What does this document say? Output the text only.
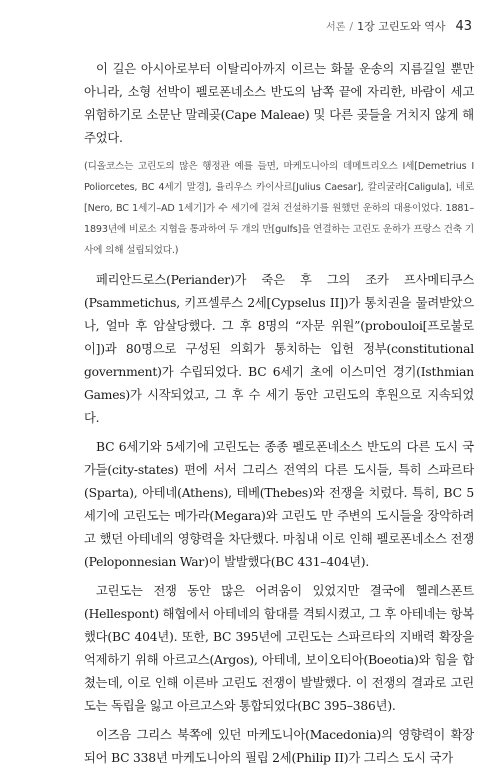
서론 / 1장 고린도와 역사 43

이 길은 아시아로부터 이탈리아까지 이르는 화물 운송의 지름길일 뿐만 아니라, 소형 선박이 펠로폰네소스 반도의 남쪽 끝에 자리한, 바람이 세고 위험하기로 소문난 말레곶(Cape Maleae) 및 다른 곶들을 거치지 않게 해 주었다.

(디올코스는 고린도의 많은 행정관 예를 들면, 마케도니아의 데메트리오스 I세[Demetrius I Poliorcetes, BC 4세기 말경], 율리우스 카이사르[Julius Caesar], 칼리굴라[Caligula], 네로[Nero, BC 1세기–AD 1세기]가 수 세기에 걸쳐 건설하기를 원했던 운하의 대용이었다. 1881–1893년에 비로소 지협을 통과하여 두 개의 만[gulfs]을 연결하는 고린도 운하가 프랑스 건축 기사에 의해 설립되었다.)

페리안드로스(Periander)가 죽은 후 그의 조카 프사메티쿠스(Psammetichus, 키프셀루스 2세[Cypselus II])가 통치권을 물려받았으나, 얼마 후 암살당했다. 그 후 8명의 “자문 위원”(probouloi[프로불로이])과 80명으로 구성된 의회가 통치하는 입헌 정부(constitutional government)가 수립되었다. BC 6세기 초에 이스미언 경기(Isthmian Games)가 시작되었고, 그 후 수 세기 동안 고린도의 후원으로 지속되었다.

BC 6세기와 5세기에 고린도는 종종 펠로폰네소스 반도의 다른 도시 국가들(city-states) 편에 서서 그리스 전역의 다른 도시들, 특히 스파르타(Sparta), 아테네(Athens), 테베(Thebes)와 전쟁을 치렀다. 특히, BC 5세기에 고린도는 메가라(Megara)와 고린도 만 주변의 도시들을 장악하려고 했던 아테네의 영향력을 차단했다. 마침내 이로 인해 펠로폰네소스 전쟁(Peloponnesian War)이 발발했다(BC 431–404년).

고린도는 전쟁 동안 많은 어려움이 있었지만 결국에 헬레스폰트(Hellespont) 해협에서 아테네의 함대를 격퇴시켰고, 그 후 아테네는 항복했다(BC 404년). 또한, BC 395년에 고린도는 스파르타의 지배력 확장을 억제하기 위해 아르고스(Argos), 아테네, 보이오티아(Boeotia)와 힘을 합쳤는데, 이로 인해 이른바 고린도 전쟁이 발발했다. 이 전쟁의 결과로 고린도는 독립을 잃고 아르고스와 통합되었다(BC 395–386년).

이즈음 그리스 북쪽에 있던 마케도니아(Macedonia)의 영향력이 확장되어 BC 338년 마케도니아의 필립 2세(Philip II)가 그리스 도시 국가
